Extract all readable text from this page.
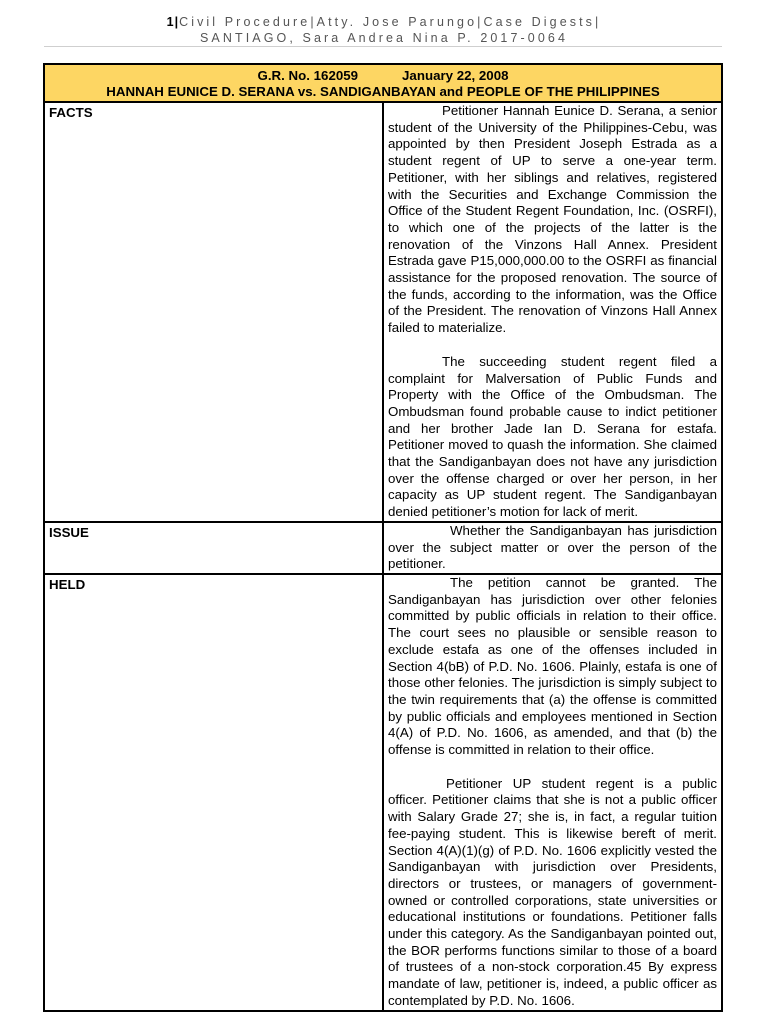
1|Civil Procedure|Atty. Jose Parungo|Case Digests|
SANTIAGO, Sara Andrea Nina P. 2017-0064
G.R. No. 162059 January 22, 2008
HANNAH EUNICE D. SERANA vs. SANDIGANBAYAN and PEOPLE OF THE PHILIPPINES	

FACTS	Petitioner Hannah Eunice D. Serana, a senior student of the University of the Philippines-Cebu, was appointed by then President Joseph Estrada as a student regent of UP to serve a one-year term. Petitioner, with her siblings and relatives, registered with the Securities and Exchange Commission the Office of the Student Regent Foundation, Inc. (OSRFI), to which one of the projects of the latter is the renovation of the Vinzons Hall Annex. President Estrada gave P15,000,000.00 to the OSRFI as financial assistance for the proposed renovation. The source of the funds, according to the information, was the Office of the President. The renovation of Vinzons Hall Annex failed to materialize.

The succeeding student regent filed a complaint for Malversation of Public Funds and Property with the Office of the Ombudsman. The Ombudsman found probable cause to indict petitioner and her brother Jade Ian D. Serana for estafa. Petitioner moved to quash the information. She claimed that the Sandiganbayan does not have any jurisdiction over the offense charged or over her person, in her capacity as UP student regent. The Sandiganbayan denied petitioner’s motion for lack of merit.

ISSUE	Whether the Sandiganbayan has jurisdiction over the subject matter or over the person of the petitioner.

HELD	The petition cannot be granted. The Sandiganbayan has jurisdiction over other felonies committed by public officials in relation to their office. The court sees no plausible or sensible reason to exclude estafa as one of the offenses included in Section 4(bB) of P.D. No. 1606. Plainly, estafa is one of those other felonies. The jurisdiction is simply subject to the twin requirements that (a) the offense is committed by public officials and employees mentioned in Section 4(A) of P.D. No. 1606, as amended, and that (b) the offense is committed in relation to their office.

Petitioner UP student regent is a public officer. Petitioner claims that she is not a public officer with Salary Grade 27; she is, in fact, a regular tuition fee-paying student. This is likewise bereft of merit. Section 4(A)(1)(g) of P.D. No. 1606 explicitly vested the Sandiganbayan with jurisdiction over Presidents, directors or trustees, or managers of government-owned or controlled corporations, state universities or educational institutions or foundations. Petitioner falls under this category. As the Sandiganbayan pointed out, the BOR performs functions similar to those of a board of trustees of a non-stock corporation.45 By express mandate of law, petitioner is, indeed, a public officer as contemplated by P.D. No. 1606.
